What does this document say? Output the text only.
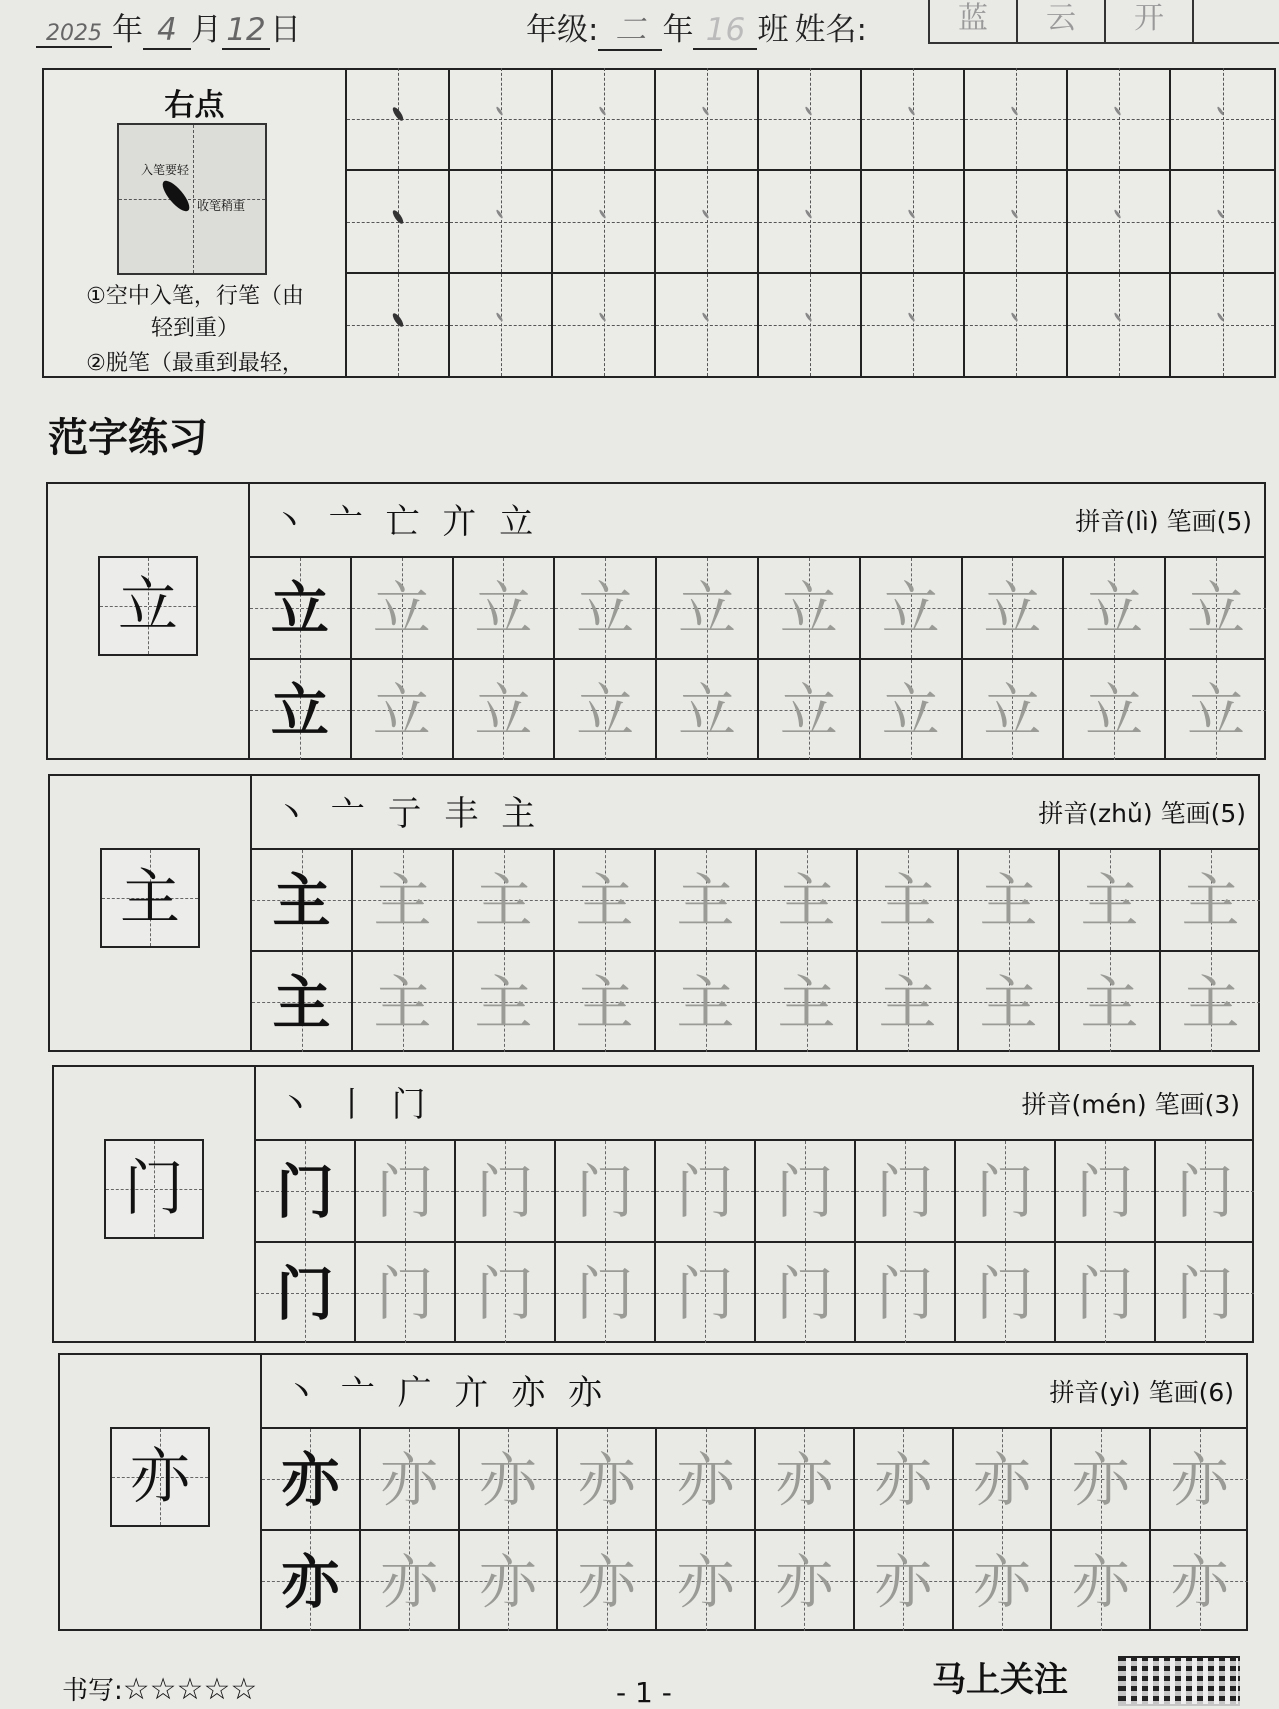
2025 年 4 月 12 日	年级: 二 年 16 班 姓名:	蓝	云	开
右点
入笔要轻
收笔稍重
①空中入笔，行笔（由
轻到重）
②脱笔（最重到最轻，
范字练习
立
丶 亠 亡 亣 立	拼音(lì) 笔画(5)
立 立 立 立 立 立 立 立 立 立
立 立 立 立 立 立 立 立 立 立
主
丶 亠 亍 丰 主	拼音(zhǔ) 笔画(5)
主 主 主 主 主 主 主 主 主 主
主 主 主 主 主 主 主 主 主 主
门
丶 丨 门	拼音(mén) 笔画(3)
门 门 门 门 门 门 门 门 门 门
门 门 门 门 门 门 门 门 门 门
亦
丶 亠 广 亣 亦 亦	拼音(yì) 笔画(6)
亦 亦 亦 亦 亦 亦 亦 亦 亦 亦
亦 亦 亦 亦 亦 亦 亦 亦 亦 亦
书写:☆☆☆☆☆	- 1 -	马上关注
